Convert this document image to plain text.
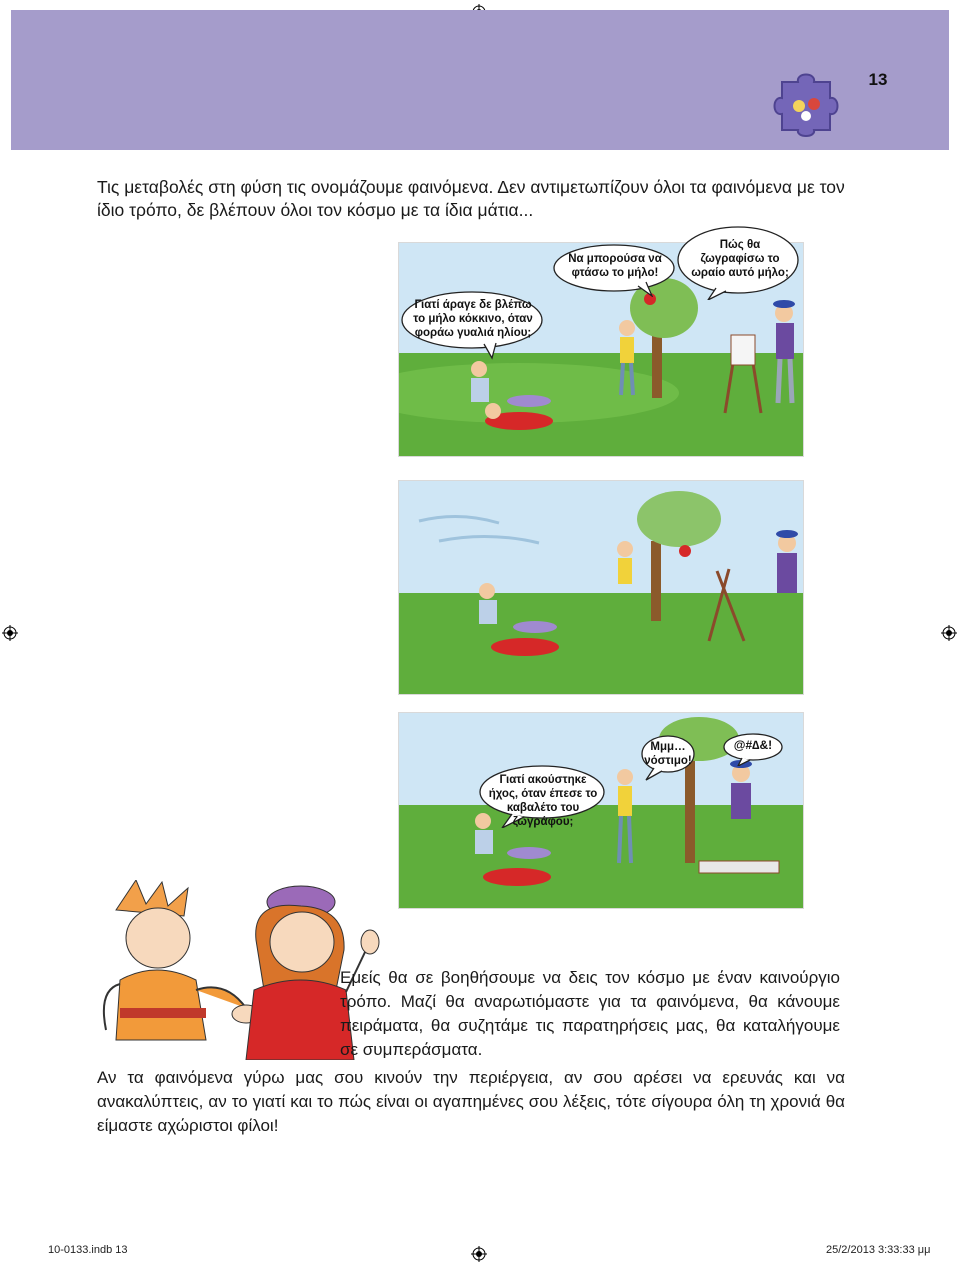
13
Τις μεταβολές στη φύση τις ονομάζουμε φαινόμενα. Δεν αντιμετωπίζουν όλοι τα φαινόμενα με τον ίδιο τρόπο, δε βλέπουν όλοι τον κόσμο με τα ίδια μάτια...
Γιατί άραγε δε βλέπω το μήλο κόκκινο, όταν φοράω γυαλιά ηλίου;
Να μπορούσα να φτάσω το μήλο!
Πώς θα ζωγραφίσω το ωραίο αυτό μήλο;
Γιατί ακούστηκε ήχος, όταν έπεσε το καβαλέτο του ζωγράφου;
Μμμ… νόστιμο!
@#∆&!
Εμείς θα σε βοηθήσουμε να δεις τον κόσμο με έναν καινούργιο τρόπο. Μαζί θα αναρωτιόμαστε για τα φαινόμενα, θα κάνουμε πειράματα, θα συζητάμε τις παρατηρήσεις μας, θα καταλήγουμε σε συμπεράσματα.
Αν τα φαινόμενα γύρω μας σου κινούν την περιέργεια, αν σου αρέσει να ερευνάς και να ανακαλύπτεις, αν το γιατί και το πώς είναι οι αγαπημένες σου λέξεις, τότε σίγουρα όλη τη χρονιά θα είμαστε αχώριστοι φίλοι!
10-0133.indb 13	25/2/2013 3:33:33 μμ
